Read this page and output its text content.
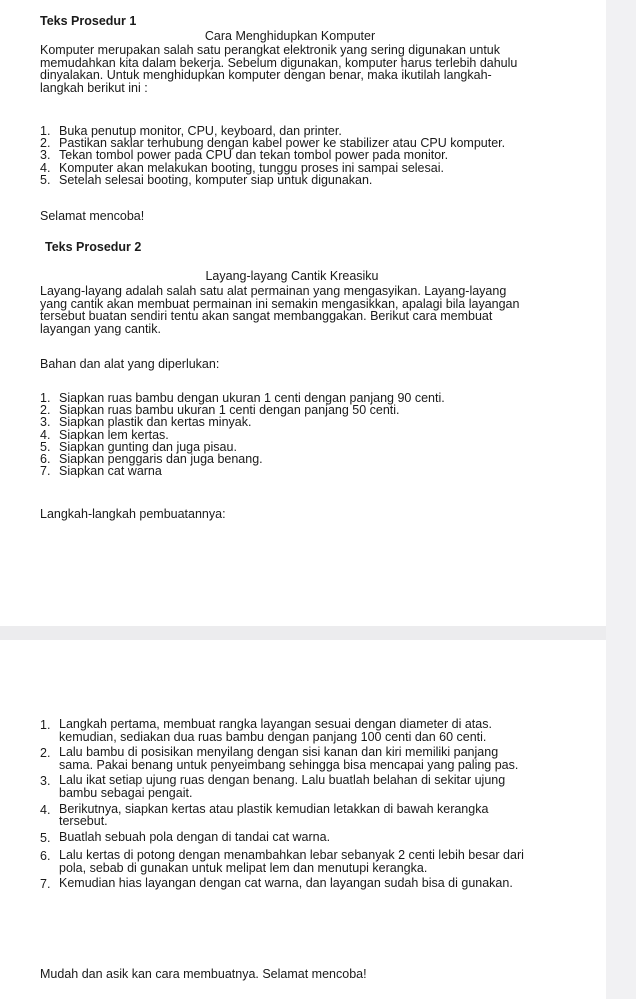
Teks Prosedur 1

Cara Menghidupkan Komputer

Komputer merupakan salah satu perangkat elektronik yang sering digunakan untuk memudahkan kita dalam bekerja. Sebelum digunakan, komputer harus terlebih dahulu dinyalakan. Untuk menghidupkan komputer dengan benar, maka ikutilah langkah-langkah berikut ini :

1. Buka penutup monitor, CPU, keyboard, dan printer.
2. Pastikan saklar terhubung dengan kabel power ke stabilizer atau CPU komputer.
3. Tekan tombol power pada CPU dan tekan tombol power pada monitor.
4. Komputer akan melakukan booting, tunggu proses ini sampai selesai.
5. Setelah selesai booting, komputer siap untuk digunakan.

Selamat mencoba!

Teks Prosedur 2

Layang-layang Cantik Kreasiku

Layang-layang adalah salah satu alat permainan yang mengasyikan. Layang-layang yang cantik akan membuat permainan ini semakin mengasikkan, apalagi bila layangan tersebut buatan sendiri tentu akan sangat membanggakan. Berikut cara membuat layangan yang cantik.

Bahan dan alat yang diperlukan:

1. Siapkan ruas bambu dengan ukuran 1 centi dengan panjang 90 centi.
2. Siapkan ruas bambu ukuran 1 centi dengan panjang 50 centi.
3. Siapkan plastik dan kertas minyak.
4. Siapkan lem kertas.
5. Siapkan gunting dan juga pisau.
6. Siapkan penggaris dan juga benang.
7. Siapkan cat warna

Langkah-langkah pembuatannya:

1. Langkah pertama, membuat rangka layangan sesuai dengan diameter di atas. kemudian, sediakan dua ruas bambu dengan panjang 100 centi dan 60 centi.
2. Lalu bambu di posisikan menyilang dengan sisi kanan dan kiri memiliki panjang sama. Pakai benang untuk penyeimbang sehingga bisa mencapai yang paling pas.
3. Lalu ikat setiap ujung ruas dengan benang. Lalu buatlah belahan di sekitar ujung bambu sebagai pengait.
4. Berikutnya, siapkan kertas atau plastik kemudian letakkan di bawah kerangka tersebut.
5. Buatlah sebuah pola dengan di tandai cat warna.
6. Lalu kertas di potong dengan menambahkan lebar sebanyak 2 centi lebih besar dari pola, sebab di gunakan untuk melipat lem dan menutupi kerangka.
7. Kemudian hias layangan dengan cat warna, dan layangan sudah bisa di gunakan.

Mudah dan asik kan cara membuatnya. Selamat mencoba!
